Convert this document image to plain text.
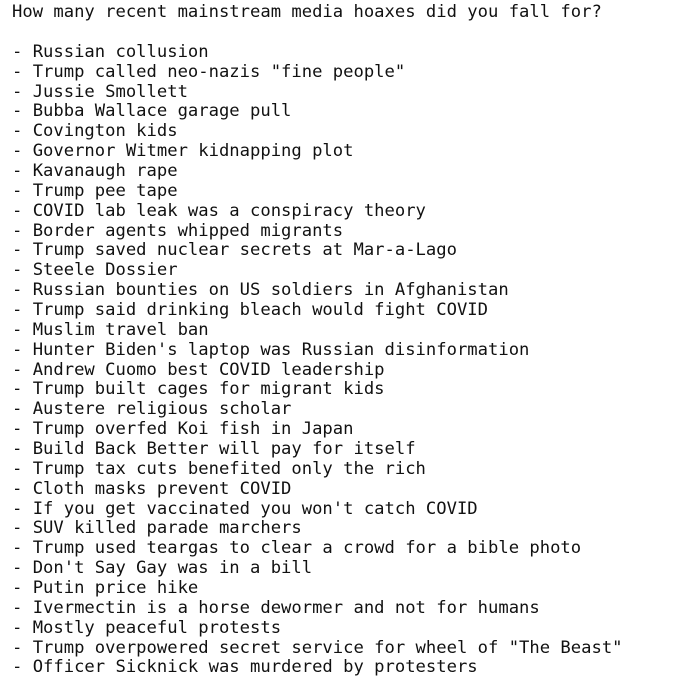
How many recent mainstream media hoaxes did you fall for?
- Russian collusion
- Trump called neo-nazis "fine people"
- Jussie Smollett
- Bubba Wallace garage pull
- Covington kids
- Governor Witmer kidnapping plot
- Kavanaugh rape
- Trump pee tape
- COVID lab leak was a conspiracy theory
- Border agents whipped migrants
- Trump saved nuclear secrets at Mar-a-Lago
- Steele Dossier
- Russian bounties on US soldiers in Afghanistan
- Trump said drinking bleach would fight COVID
- Muslim travel ban
- Hunter Biden's laptop was Russian disinformation
- Andrew Cuomo best COVID leadership
- Trump built cages for migrant kids
- Austere religious scholar
- Trump overfed Koi fish in Japan
- Build Back Better will pay for itself
- Trump tax cuts benefited only the rich
- Cloth masks prevent COVID
- If you get vaccinated you won't catch COVID
- SUV killed parade marchers
- Trump used teargas to clear a crowd for a bible photo
- Don't Say Gay was in a bill
- Putin price hike
- Ivermectin is a horse dewormer and not for humans
- Mostly peaceful protests
- Trump overpowered secret service for wheel of "The Beast"
- Officer Sicknick was murdered by protesters
